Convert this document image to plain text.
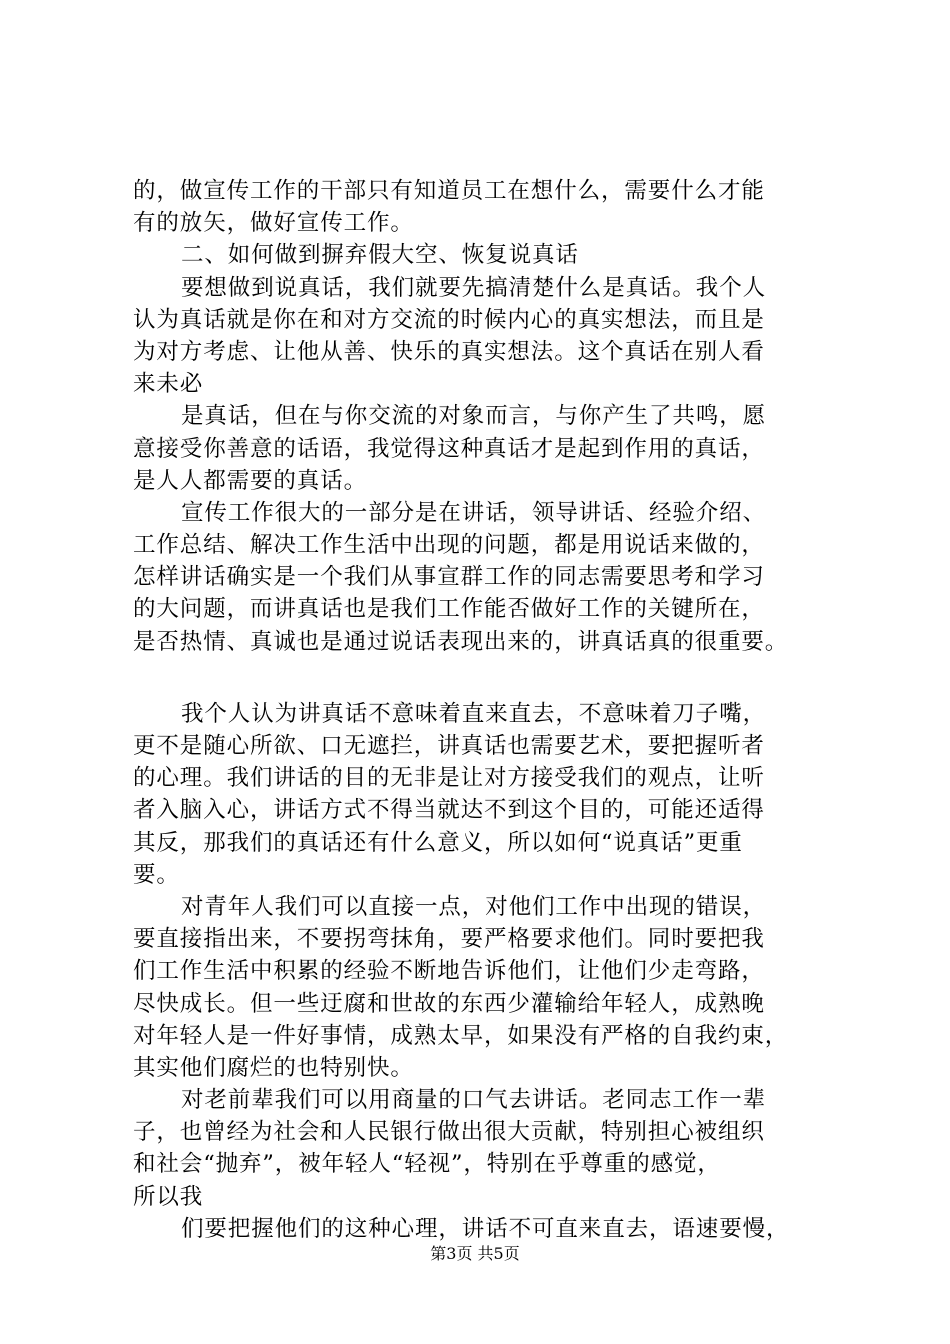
的，做宣传工作的干部只有知道员工在想什么，需要什么才能
有的放矢，做好宣传工作。
二、如何做到摒弃假大空、恢复说真话
要想做到说真话，我们就要先搞清楚什么是真话。我个人
认为真话就是你在和对方交流的时候内心的真实想法，而且是
为对方考虑、让他从善、快乐的真实想法。这个真话在别人看
来未必
是真话，但在与你交流的对象而言，与你产生了共鸣，愿
意接受你善意的话语，我觉得这种真话才是起到作用的真话，
是人人都需要的真话。
宣传工作很大的一部分是在讲话，领导讲话、经验介绍、
工作总结、解决工作生活中出现的问题，都是用说话来做的，
怎样讲话确实是一个我们从事宣群工作的同志需要思考和学习
的大问题，而讲真话也是我们工作能否做好工作的关键所在，
是否热情、真诚也是通过说话表现出来的，讲真话真的很重要。
我个人认为讲真话不意味着直来直去，不意味着刀子嘴，
更不是随心所欲、口无遮拦，讲真话也需要艺术，要把握听者
的心理。我们讲话的目的无非是让对方接受我们的观点，让听
者入脑入心，讲话方式不得当就达不到这个目的，可能还适得
其反，那我们的真话还有什么意义，所以如何“说真话”更重
要。
对青年人我们可以直接一点，对他们工作中出现的错误，
要直接指出来，不要拐弯抹角，要严格要求他们。同时要把我
们工作生活中积累的经验不断地告诉他们，让他们少走弯路，
尽快成长。但一些迂腐和世故的东西少灌输给年轻人，成熟晚
对年轻人是一件好事情，成熟太早，如果没有严格的自我约束，
其实他们腐烂的也特别快。
对老前辈我们可以用商量的口气去讲话。老同志工作一辈
子，也曾经为社会和人民银行做出很大贡献，特别担心被组织
和社会“抛弃”，被年轻人“轻视”，特别在乎尊重的感觉，
所以我
们要把握他们的这种心理，讲话不可直来直去，语速要慢，
第3页 共5页
